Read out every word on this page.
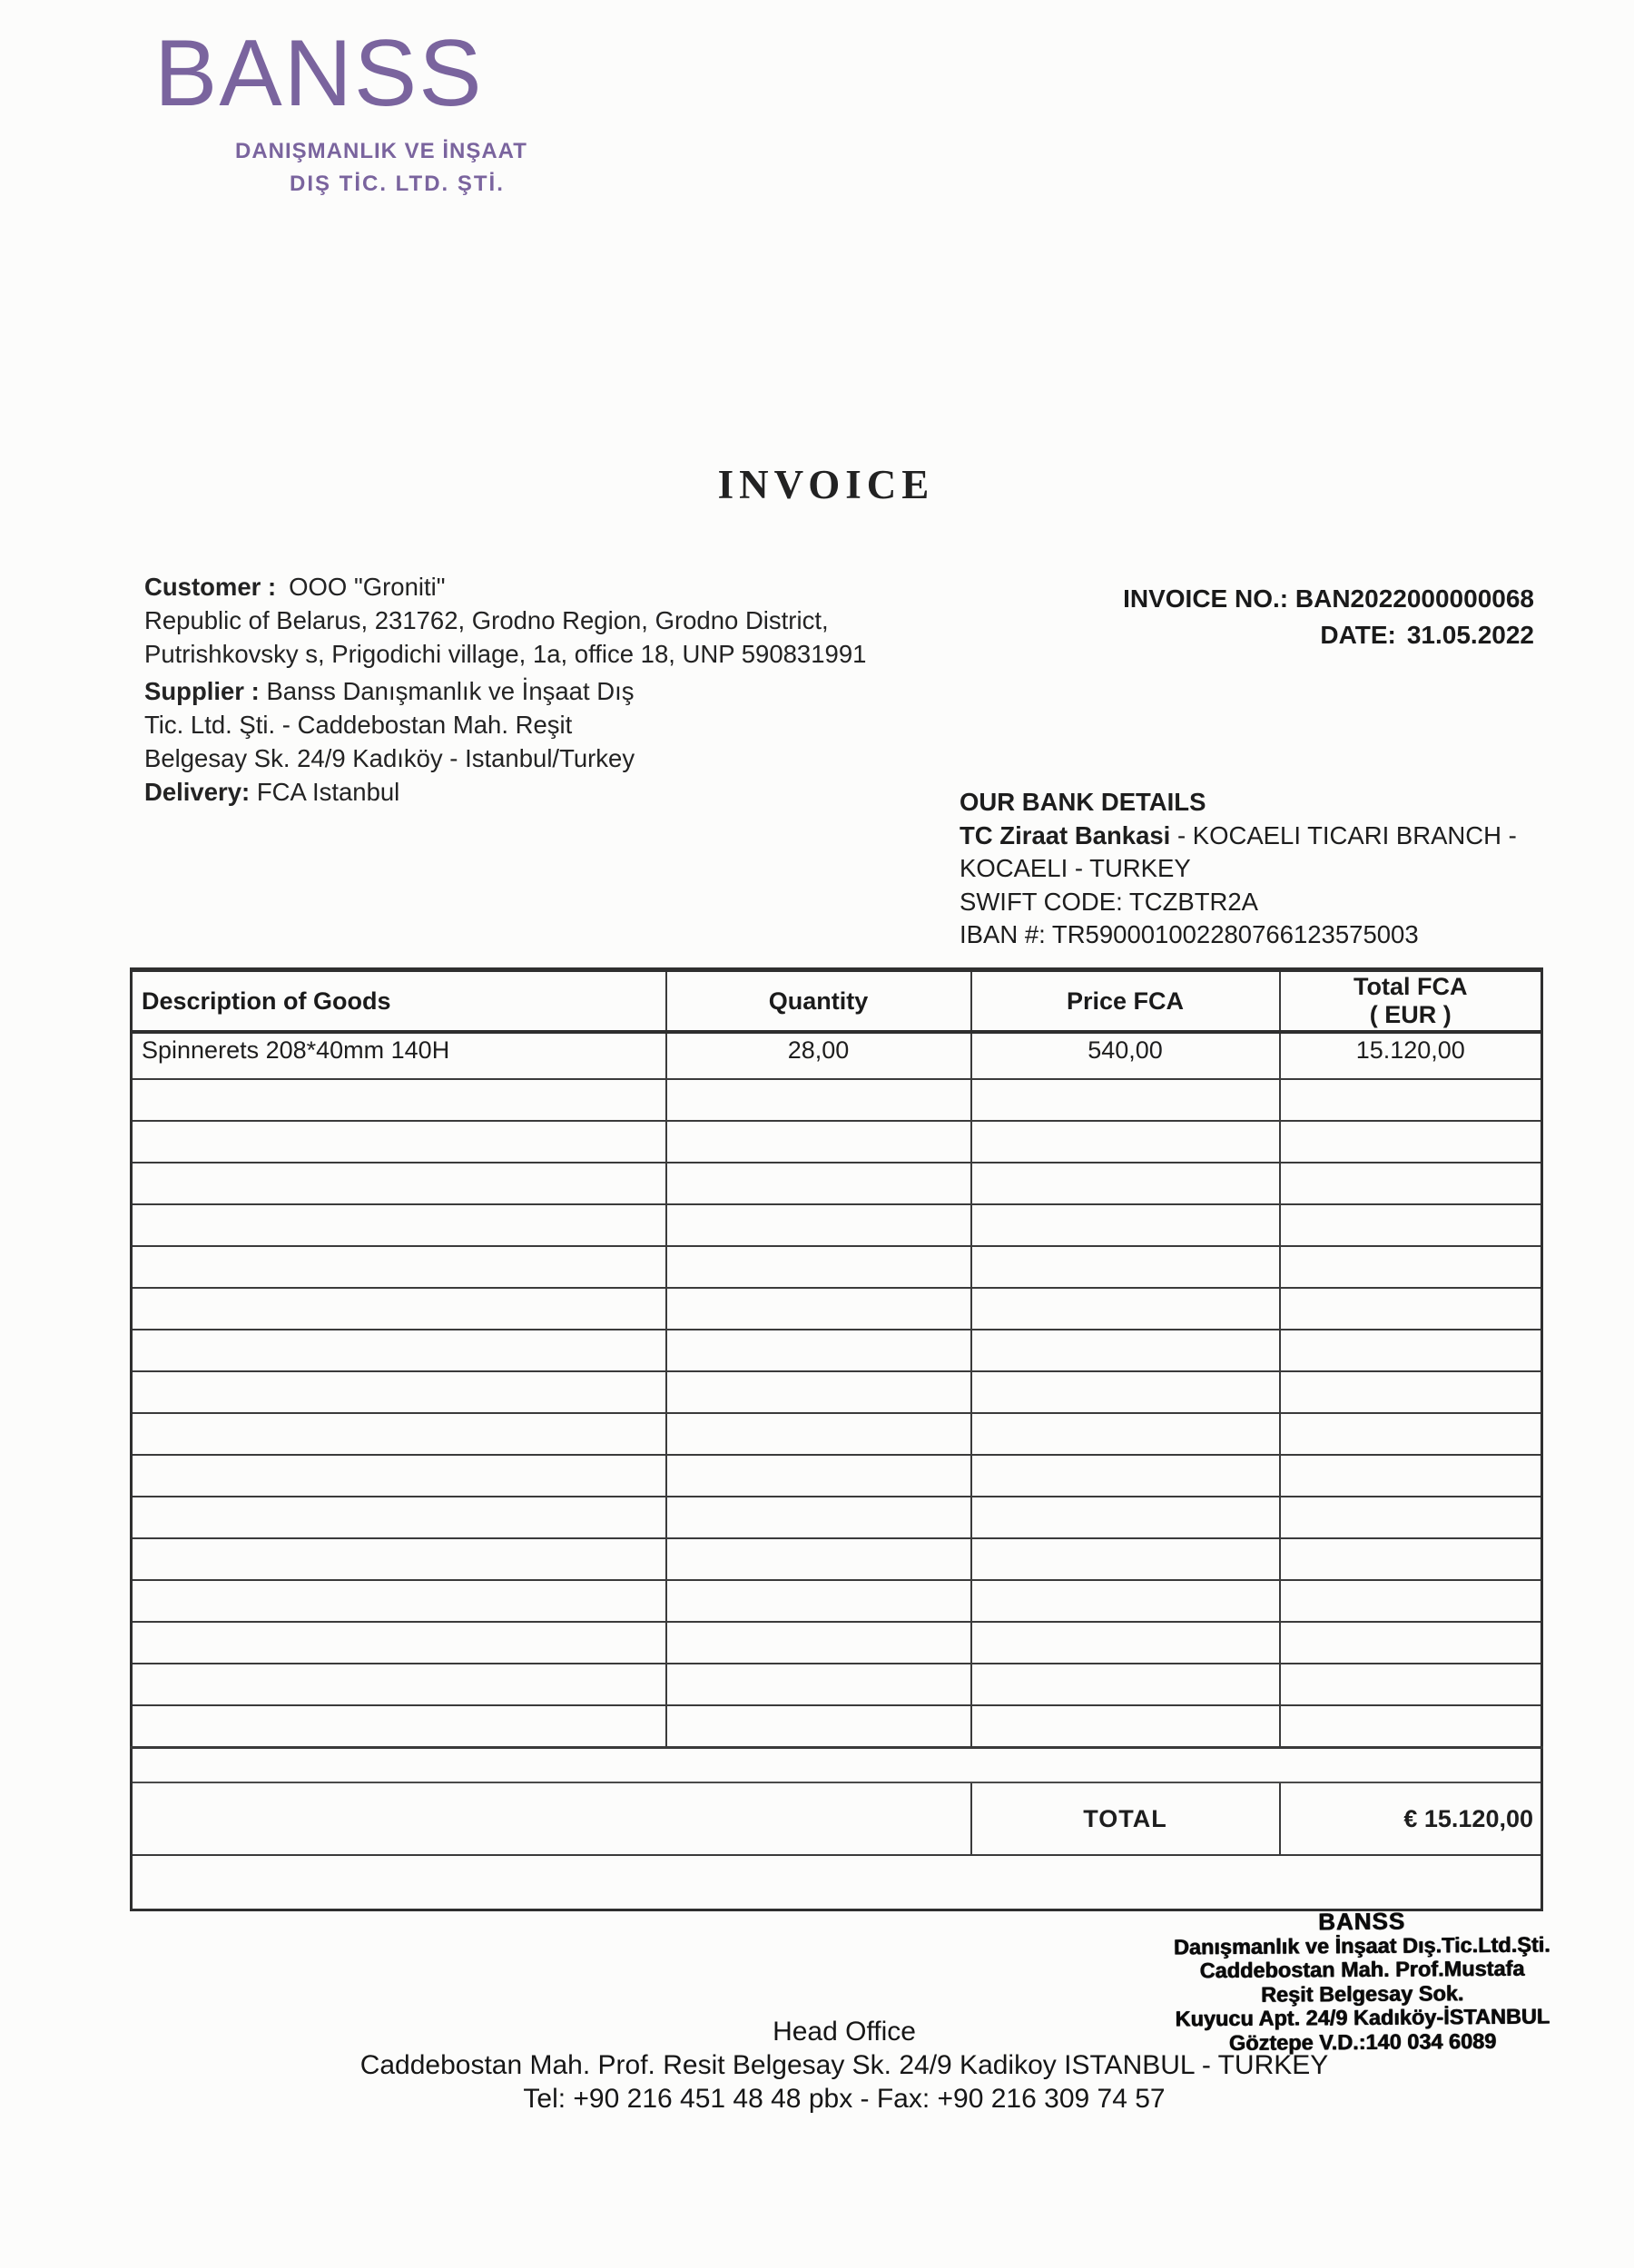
BANSS
DANIŞMANLIK VE İNŞAAT
DIŞ TİC. LTD. ŞTİ.
INVOICE
Customer : OOO "Groniti"
Republic of Belarus, 231762, Grodno Region, Grodno District,
Putrishkovsky s, Prigodichi village, 1a, office 18, UNP 590831991
Supplier : Banss Danışmanlık ve İnşaat Dış
Tic. Ltd. Şti. - Caddebostan Mah. Reşit
Belgesay Sk. 24/9 Kadıköy - Istanbul/Turkey
Delivery: FCA Istanbul
INVOICE NO.: BAN2022000000068
DATE: 31.05.2022
OUR BANK DETAILS
TC Ziraat Bankasi - KOCAELI TICARI BRANCH -
KOCAELI - TURKEY
SWIFT CODE: TCZBTR2A
IBAN #: TR590001002280766123575003
Description of Goods	Quantity	Price FCA	Total FCA
( EUR )

Spinnerets 208*40mm 140H	28,00	540,00	15.120,00

		TOTAL	€ 15.120,00

BANSS
Danışmanlık ve İnşaat Dış.Tic.Ltd.Şti.
Caddebostan Mah. Prof.Mustafa
Reşit Belgesay Sok.
Kuyucu Apt. 24/9 Kadıköy-İSTANBUL
Göztepe V.D.:140 034 6089
Head Office
Caddebostan Mah. Prof. Resit Belgesay Sk. 24/9 Kadikoy ISTANBUL - TURKEY
Tel: +90 216 451 48 48 pbx - Fax: +90 216 309 74 57
